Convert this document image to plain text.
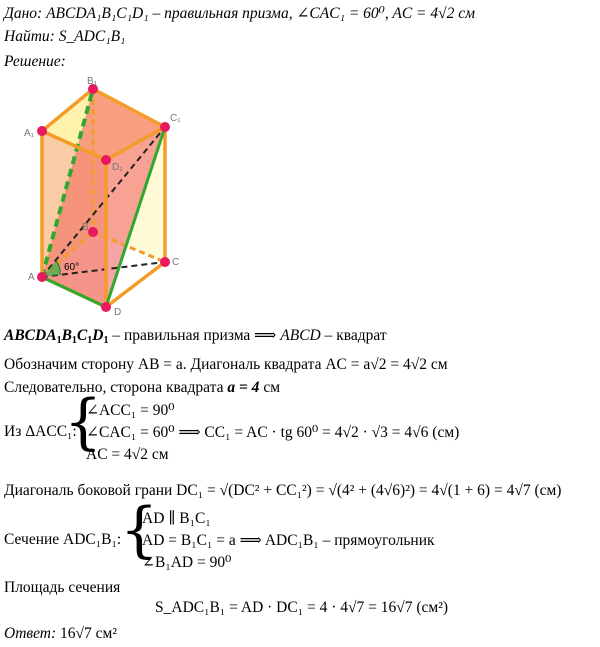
Дано: ABCDA₁B₁C₁D₁ – правильная призма, ∠CAC₁ = 60⁰, AC = 4√2 см
Найти: S_ADC₁B₁
Решение:
60°
A
D
C
B
A₁
B₁
C₁
D₁
ABCDA1B1C1D1 – правильная призма ⟹ ABCD – квадрат
Обозначим сторону AB = a. Диагональ квадрата AC = a√2 = 4√2 см
Следовательно, сторона квадрата a = 4 см
Из ΔACC₁:
{
∠ACC₁ = 90⁰
∠CAC₁ = 60⁰ ⟹ CC₁ = AC · tg 60⁰ = 4√2 · √3 = 4√6 (см)
AC = 4√2 см
Диагональ боковой грани DC₁ = √(DC² + CC₁²) = √(4² + (4√6)²) = 4√(1 + 6) = 4√7 (см)
Сечение ADC₁B₁:
{
AD ∥ B₁C₁
AD = B₁C₁ = a ⟹ ADC₁B₁ – прямоугольник
∠B₁AD = 90⁰
Площадь сечения
S_ADC₁B₁ = AD · DC₁ = 4 · 4√7 = 16√7 (см²)
Ответ: 16√7 см²
